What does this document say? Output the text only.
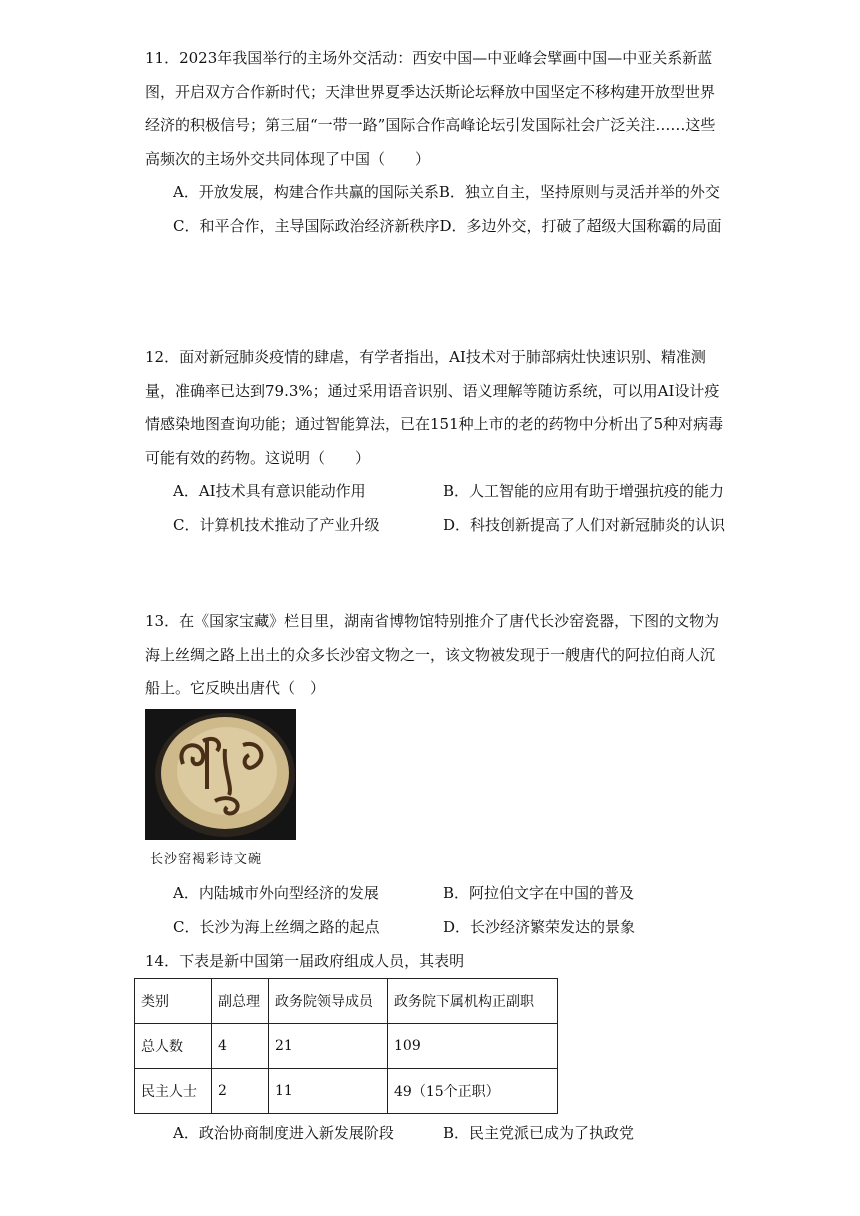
11．2023年我国举行的主场外交活动：西安中国—中亚峰会擘画中国—中亚关系新蓝图，开启双方合作新时代；天津世界夏季达沃斯论坛释放中国坚定不移构建开放型世界经济的积极信号；第三届“一带一路”国际合作高峰论坛引发国际社会广泛关注……这些高频次的主场外交共同体现了中国（　　）
A．开放发展，构建合作共赢的国际关系B．独立自主，坚持原则与灵活并举的外交
C．和平合作，主导国际政治经济新秩序D．多边外交，打破了超级大国称霸的局面
12．面对新冠肺炎疫情的肆虐，有学者指出，AI技术对于肺部病灶快速识别、精准测量，准确率已达到79.3%；通过采用语音识别、语义理解等随访系统，可以用AI设计疫情感染地图查询功能；通过智能算法，已在151种上市的老的药物中分析出了5种对病毒可能有效的药物。这说明（　　）
A．AI技术具有意识能动作用	B．人工智能的应用有助于增强抗疫的能力
C．计算机技术推动了产业升级	D．科技创新提高了人们对新冠肺炎的认识
13．在《国家宝藏》栏目里，湖南省博物馆特别推介了唐代长沙窑瓷器，下图的文物为海上丝绸之路上出土的众多长沙窑文物之一，该文物被发现于一艘唐代的阿拉伯商人沉船上。它反映出唐代（　）
长沙窑褐彩诗文碗
A．内陆城市外向型经济的发展	B．阿拉伯文字在中国的普及
C．长沙为海上丝绸之路的起点	D．长沙经济繁荣发达的景象
14．下表是新中国第一届政府组成人员，其表明
类别	副总理	政务院领导成员	政务院下属机构正副职
总人数	4	21	109
民主人士	2	11	49（15个正职）
A．政治协商制度进入新发展阶段	B．民主党派已成为了执政党
